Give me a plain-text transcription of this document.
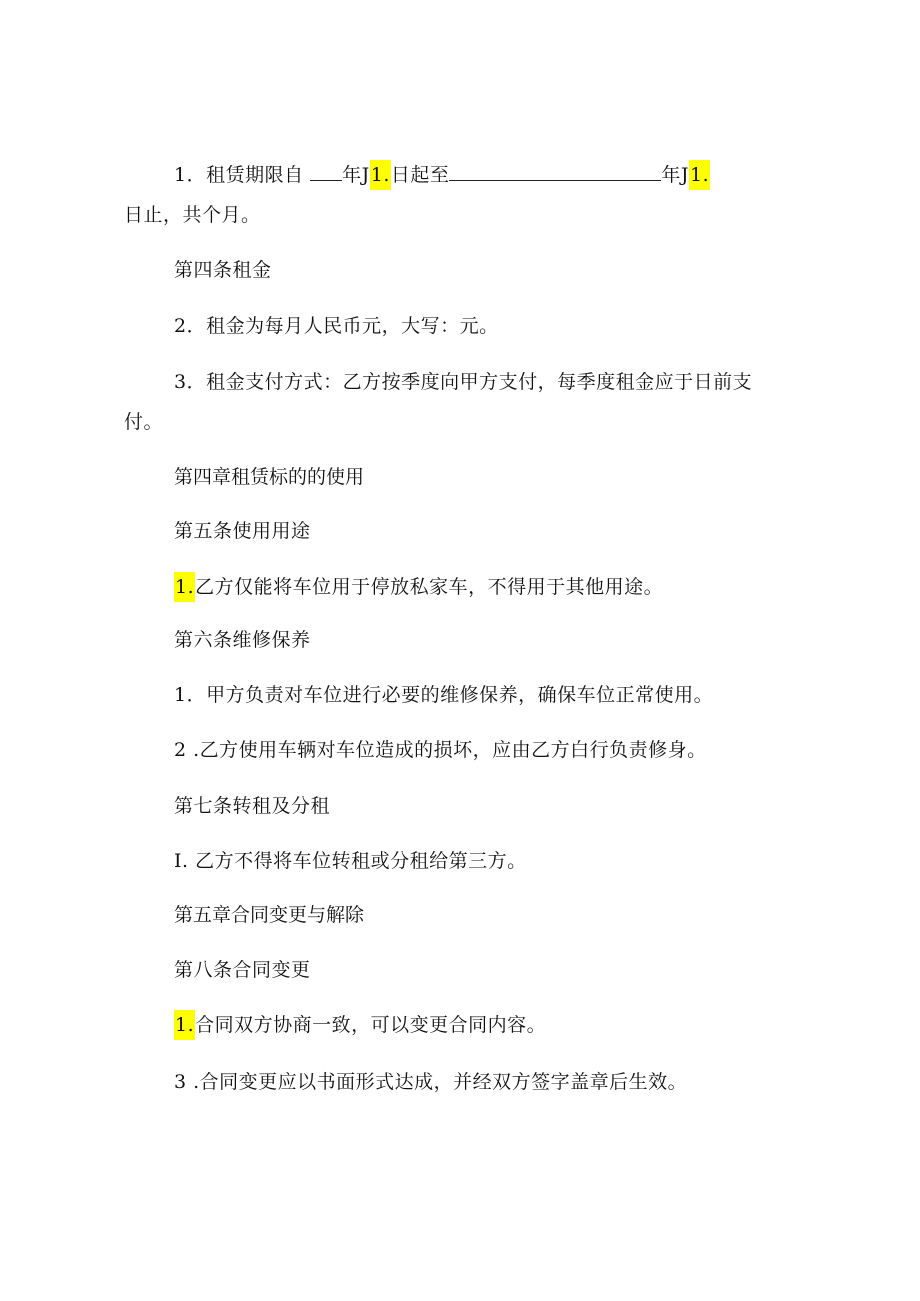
1．租赁期限自 年J1.日起至	年J1.
日止，共个月。
第四条租金
2．租金为每月人民币元，大写：元。
3．租金支付方式：乙方按季度向甲方支付，每季度租金应于日前支
付。
第四章租赁标的的使用
第五条使用用途
1.乙方仅能将车位用于停放私家车，不得用于其他用途。
第六条维修保养
1．甲方负责对车位进行必要的维修保养，确保车位正常使用。
2 .乙方使用车辆对车位造成的损坏，应由乙方白行负责修身。
第七条转租及分租
I. 乙方不得将车位转租或分租给第三方。
第五章合同变更与解除
第八条合同变更
1.合同双方协商一致，可以变更合同内容。
3 .合同变更应以书面形式达成，并经双方签字盖章后生效。
